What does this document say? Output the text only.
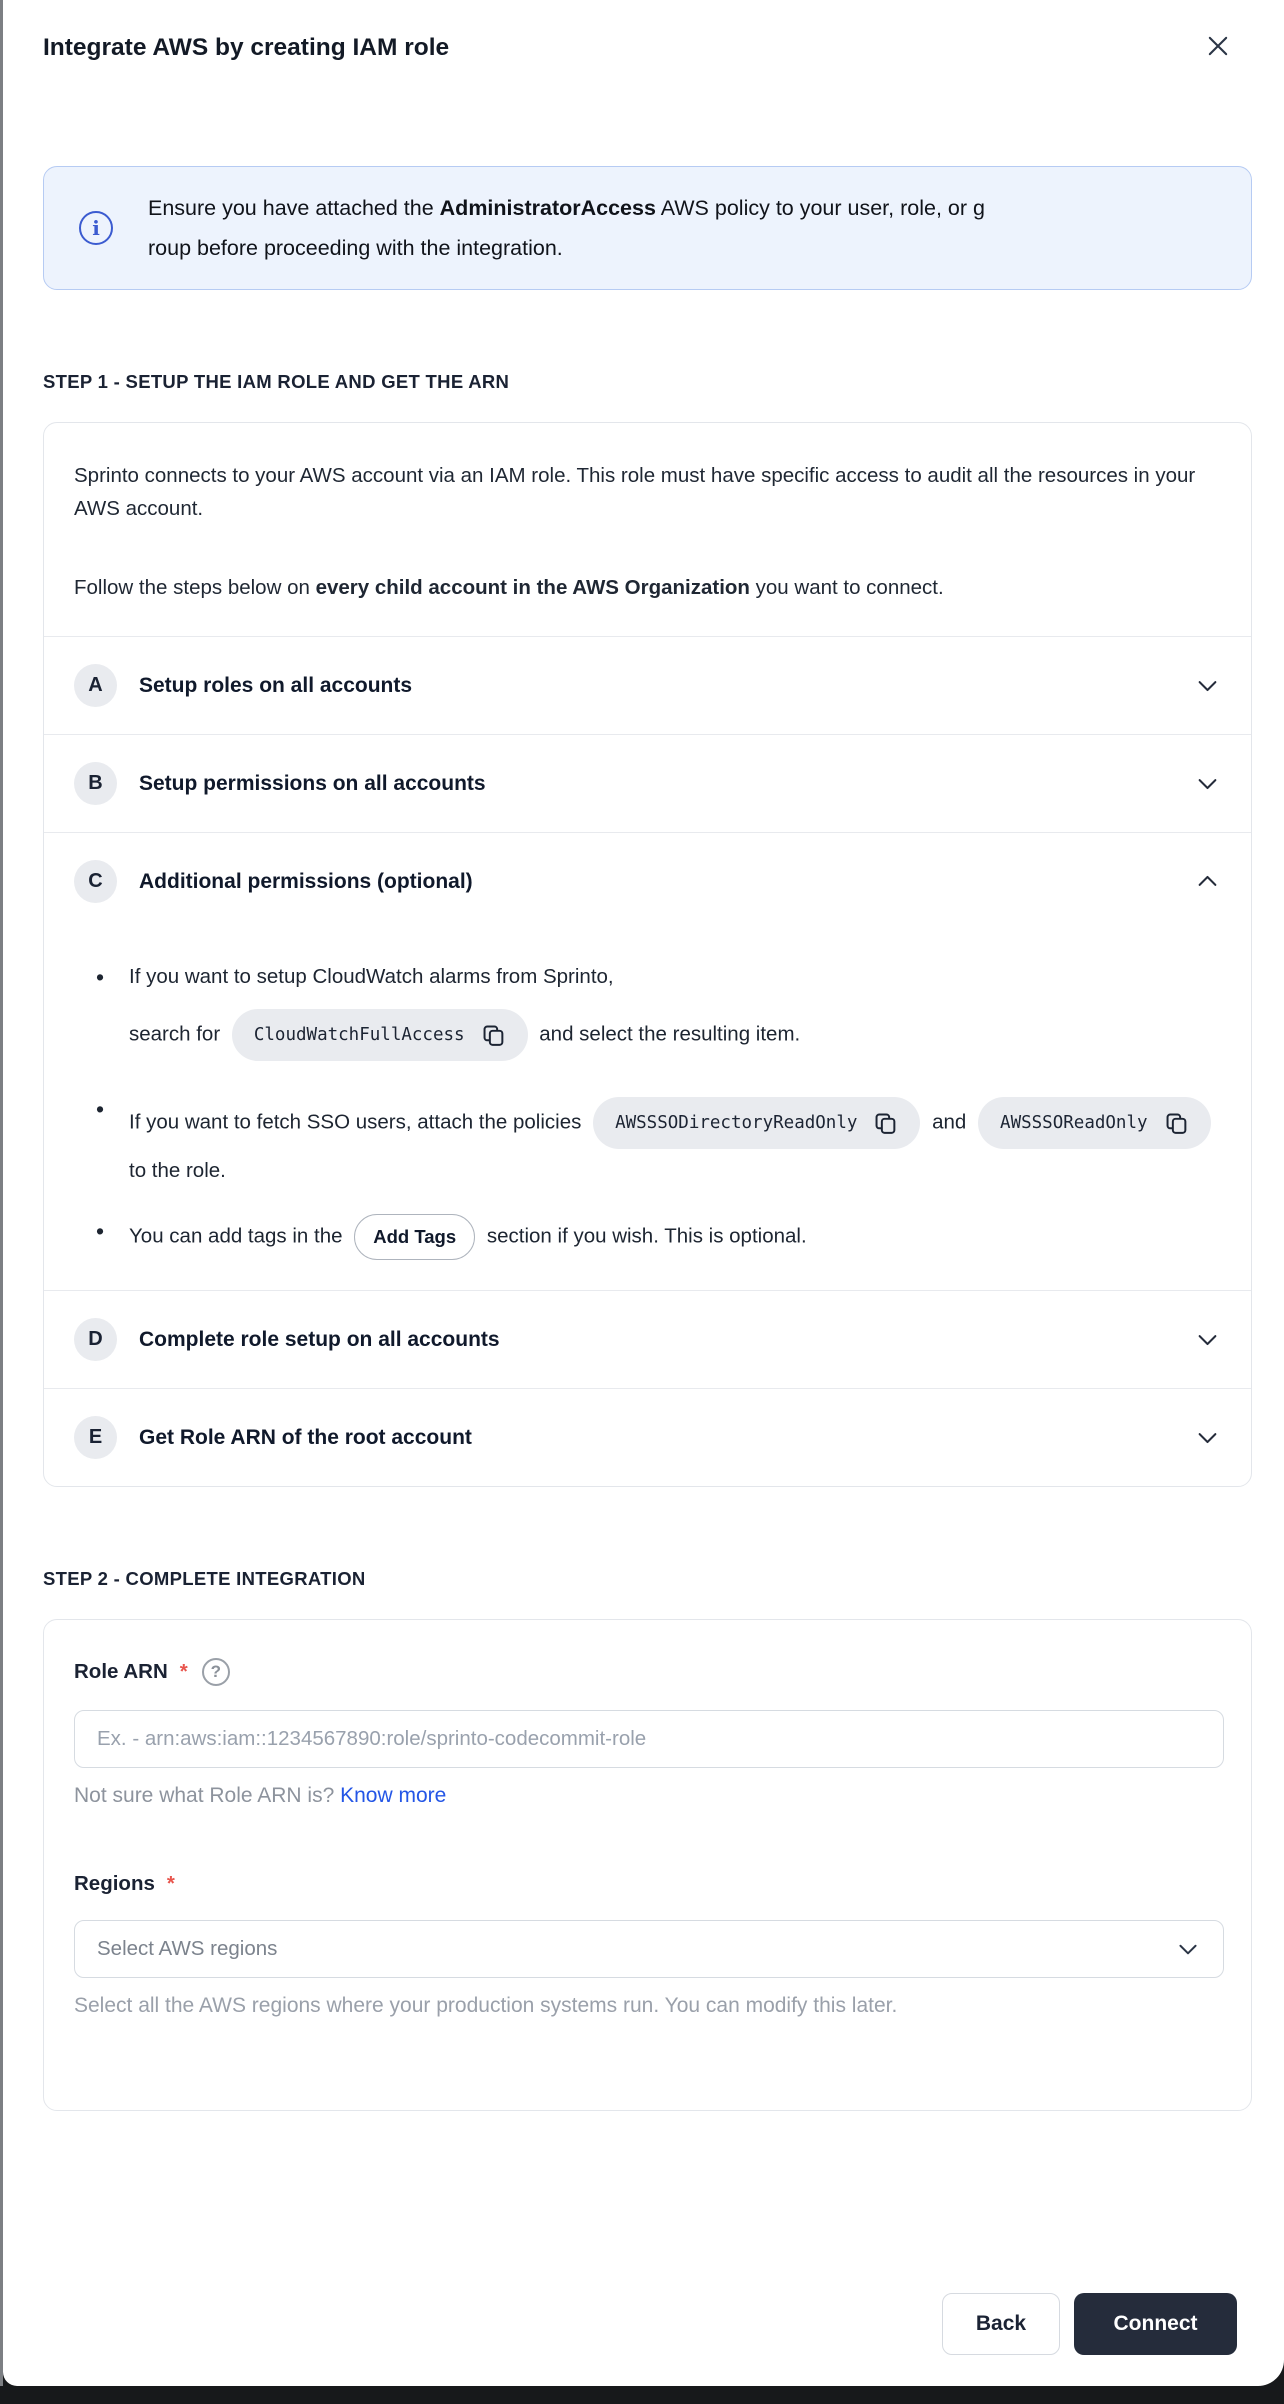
Integrate AWS by creating IAM role
i

Ensure you have attached the AdministratorAccess AWS policy to your user, role, or g
roup before proceeding with the integration.

STEP 1 - SETUP THE IAM ROLE AND GET THE ARN

Sprinto connects to your AWS account via an IAM role. This role must have specific access to audit all the resources in your AWS account.

Follow the steps below on every child account in the AWS Organization you want to connect.

A	Setup roles on all accounts
B	Setup permissions on all accounts
C	Additional permissions (optional)
• If you want to setup CloudWatch alarms from Sprinto,
search for CloudWatchFullAccess	and select the resulting item.
• If you want to fetch SSO users, attach the policies AWSSSODirectoryReadOnly	and AWSSSOReadOnly
to the role.
• You can add tags in the Add Tags section if you wish. This is optional.
D	Complete role setup on all accounts
E	Get Role ARN of the root account
STEP 2 - COMPLETE INTEGRATION
Role ARN *	?
Ex. - arn:aws:iam::1234567890:role/sprinto-codecommit-role

Not sure what Role ARN is? Know more

Regions *
Select AWS regions

Select all the AWS regions where your production systems run. You can modify this later.

Back	Connect
